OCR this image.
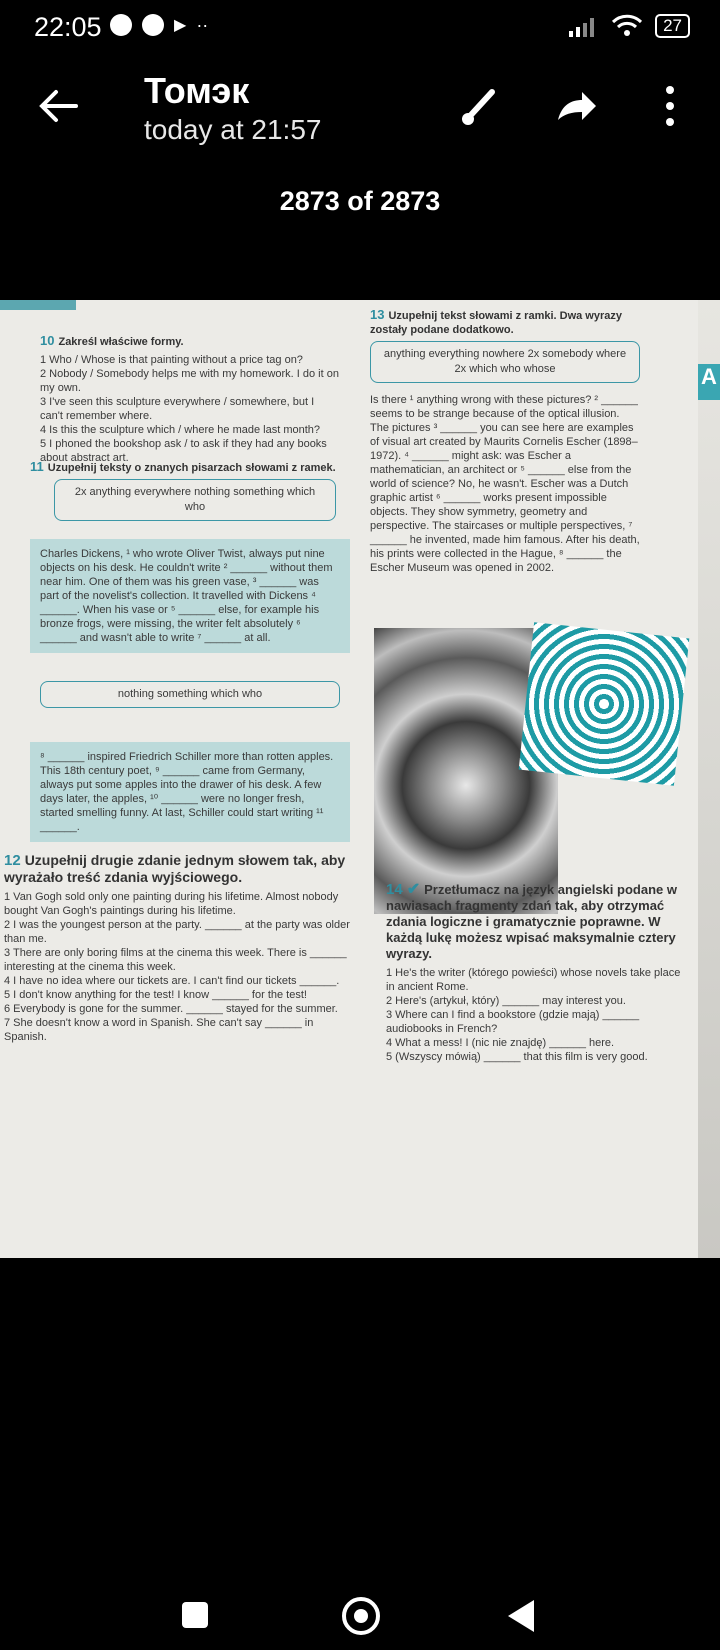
22:05	▶ ··	27
Томэк
today at 21:57
2873 of 2873
10 Zakreśl właściwe formy.

1 Who / Whose is that painting without a price tag on?

2 Nobody / Somebody helps me with my homework. I do it on my own.

3 I've seen this sculpture everywhere / somewhere, but I can't remember where.

4 Is this the sculpture which / where he made last month?

5 I phoned the bookshop ask / to ask if they had any books about abstract art.

11 Uzupełnij teksty o znanych pisarzach słowami z ramek.
2x anything everywhere nothing something which who
Charles Dickens, ¹ who wrote Oliver Twist, always put nine objects on his desk. He couldn't write ² ______ without them near him. One of them was his green vase, ³ ______ was part of the novelist's collection. It travelled with Dickens ⁴ ______. When his vase or ⁵ ______ else, for example his bronze frogs, were missing, the writer felt absolutely ⁶ ______ and wasn't able to write ⁷ ______ at all.
nothing something which who
⁸ ______ inspired Friedrich Schiller more than rotten apples. This 18th century poet, ⁹ ______ came from Germany, always put some apples into the drawer of his desk. A few days later, the apples, ¹⁰ ______ were no longer fresh, started smelling funny. At last, Schiller could start writing ¹¹ ______.
12 Uzupełnij drugie zdanie jednym słowem tak, aby wyrażało treść zdania wyjściowego.

1 Van Gogh sold only one painting during his lifetime. Almost nobody bought Van Gogh's paintings during his lifetime.

2 I was the youngest person at the party. ______ at the party was older than me.

3 There are only boring films at the cinema this week. There is ______ interesting at the cinema this week.

4 I have no idea where our tickets are. I can't find our tickets ______.

5 I don't know anything for the test! I know ______ for the test!

6 Everybody is gone for the summer. ______ stayed for the summer.

7 She doesn't know a word in Spanish. She can't say ______ in Spanish.

13 Uzupełnij tekst słowami z ramki. Dwa wyrazy zostały podane dodatkowo.
anything everything nowhere 2x somebody where 2x which who whose

Is there ¹ anything wrong with these pictures? ² ______ seems to be strange because of the optical illusion. The pictures ³ ______ you can see here are examples of visual art created by Maurits Cornelis Escher (1898–1972). ⁴ ______ might ask: was Escher a mathematician, an architect or ⁵ ______ else from the world of science? No, he wasn't. Escher was a Dutch graphic artist ⁶ ______ works present impossible objects. They show symmetry, geometry and perspective. The staircases or multiple perspectives, ⁷ ______ he invented, made him famous. After his death, his prints were collected in the Hague, ⁸ ______ the Escher Museum was opened in 2002.

14 ✔ Przetłumacz na język angielski podane w nawiasach fragmenty zdań tak, aby otrzymać zdania logiczne i gramatycznie poprawne. W każdą lukę możesz wpisać maksymalnie cztery wyrazy.

1 He's the writer (którego powieści) whose novels take place in ancient Rome.

2 Here's (artykuł, który) ______ may interest you.

3 Where can I find a bookstore (gdzie mają) ______ audiobooks in French?

4 What a mess! I (nic nie znajdę) ______ here.

5 (Wszyscy mówią) ______ that this film is very good.

A
